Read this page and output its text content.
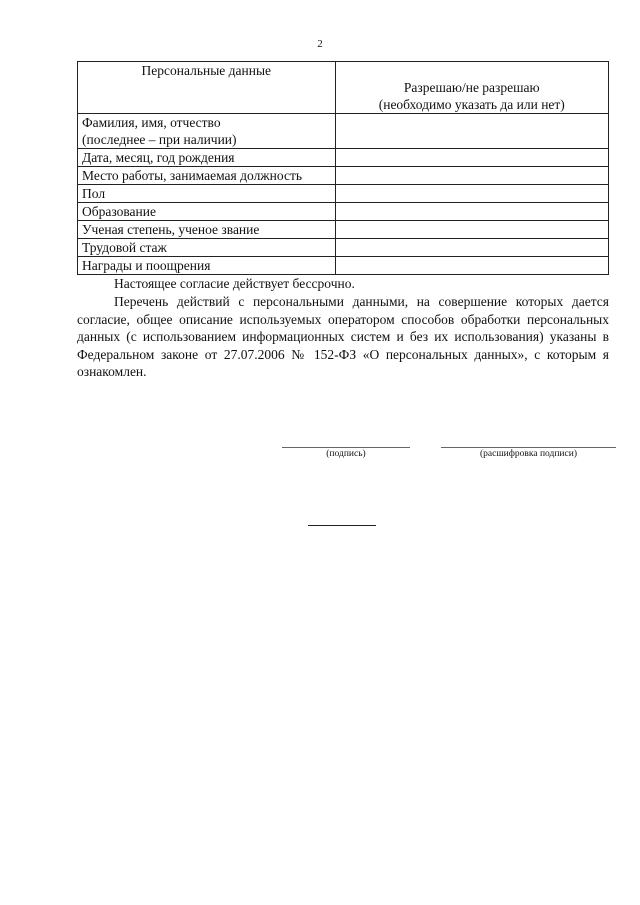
2
Персональные данные	Разрешаю/не разрешаю
(необходимо указать да или нет)

Фамилия, имя, отчество
(последнее – при наличии)	
Дата, месяц, год рождения	
Место работы, занимаемая должность	
Пол	
Образование	
Ученая степень, ученое звание	
Трудовой стаж	
Награды и поощрения	

Настоящее согласие действует бессрочно.

Перечень действий с персональными данными, на совершение которых дается согласие, общее описание используемых оператором способов обработки персональных данных (с использованием информационных систем и без их использования) указаны в Федеральном законе от 27.07.2006 № 152-ФЗ «О персональных данных», с которым я ознакомлен.

(подпись)	(расшифровка подписи)
